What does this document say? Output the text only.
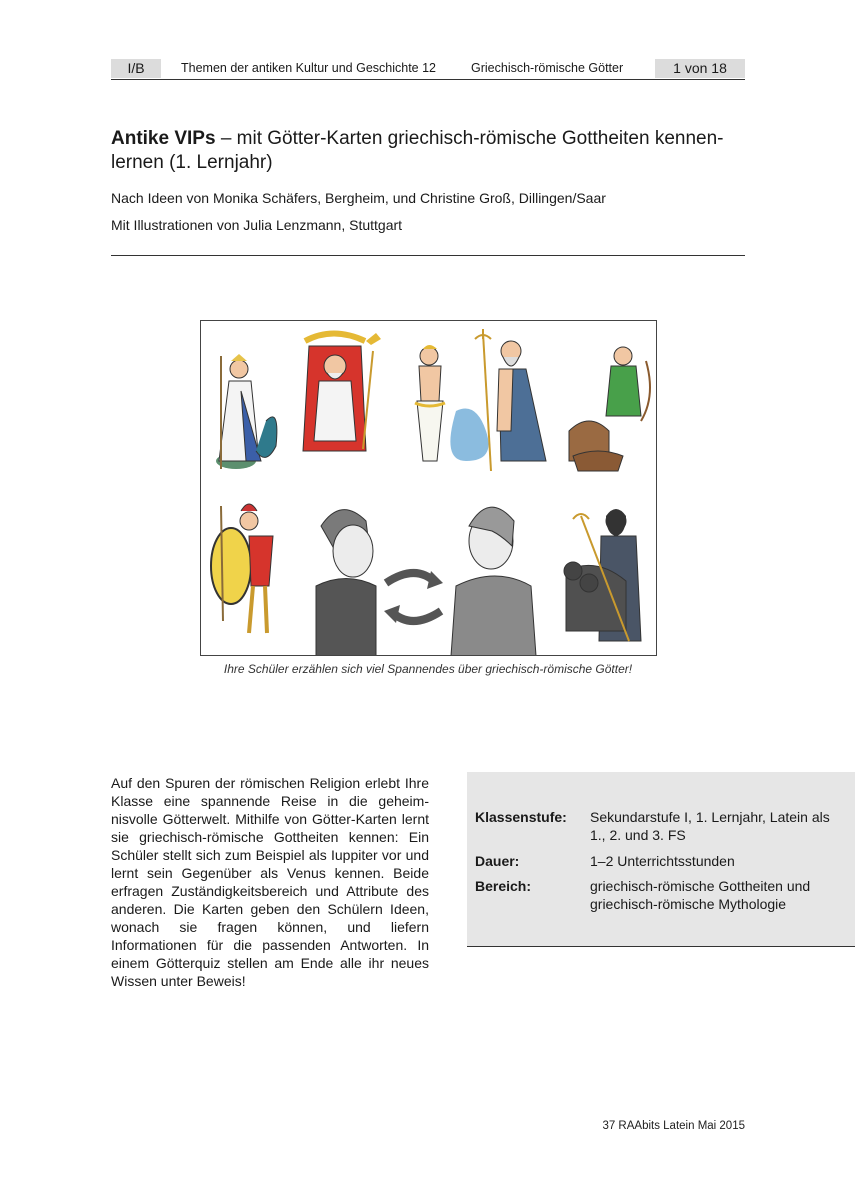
I/B	Themen der antiken Kultur und Geschichte 12	Griechisch-römische Götter	1 von 18
Antike VIPs – mit Götter-Karten griechisch-römische Gottheiten kennen-lernen (1. Lernjahr)
Nach Ideen von Monika Schäfers, Bergheim, und Christine Groß, Dillingen/Saar
Mit Illustrationen von Julia Lenzmann, Stuttgart
Ihre Schüler erzählen sich viel Spannendes über griechisch-römische Götter!
Auf den Spuren der römischen Religion erlebt Ihre Klasse eine spannende Reise in die geheimnisvolle Götterwelt. Mithilfe von Götter-Karten lernt sie griechisch-römische Gottheiten kennen: Ein Schüler stellt sich zum Beispiel als Iuppiter vor und lernt sein Gegenüber als Venus kennen. Beide erfragen Zuständigkeitsbereich und Attribute des anderen. Die Karten geben den Schülern Ideen, wonach sie fragen können, und liefern Informationen für die passenden Antworten. In einem Götterquiz stellen am Ende alle ihr neues Wissen unter Beweis!
Klassenstufe:	Sekundarstufe I, 1. Lernjahr, Latein als 1., 2. und 3. FS
Dauer:	1–2 Unterrichtsstunden
Bereich:	griechisch-römische Gottheiten und griechisch-römische Mythologie
37 RAAbits Latein Mai 2015
